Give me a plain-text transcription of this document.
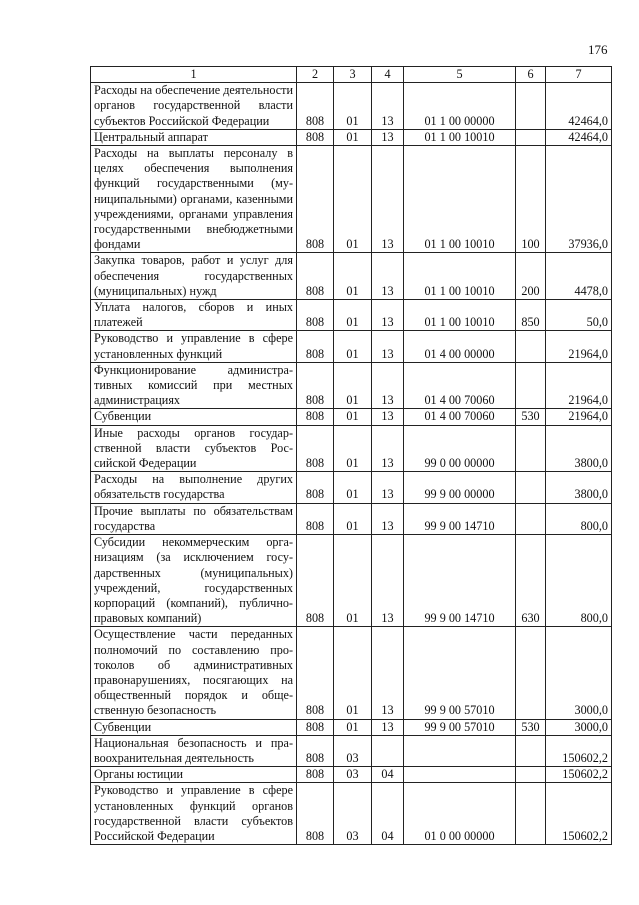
176
1	2	3	4	5	6	7
Расходы на обеспечение деятельности органов государственной власти субъектов Российской Федерации	808	01	13	01 1 00 00000		42464,0
Центральный аппарат	808	01	13	01 1 00 10010		42464,0
Расходы на выплаты персоналу в целях обеспечения выполнения функций государственными (муниципальными) органами, казенными учреждениями, органами управления государственными внебюджетными фондами	808	01	13	01 1 00 10010	100	37936,0
Закупка товаров, работ и услуг для обеспечения государственных (муниципальных) нужд	808	01	13	01 1 00 10010	200	4478,0
Уплата налогов, сборов и иных платежей	808	01	13	01 1 00 10010	850	50,0
Руководство и управление в сфере установленных функций	808	01	13	01 4 00 00000		21964,0
Функционирование административных комиссий при местных администрациях	808	01	13	01 4 00 70060		21964,0
Субвенции	808	01	13	01 4 00 70060	530	21964,0
Иные расходы органов государственной власти субъектов Российской Федерации	808	01	13	99 0 00 00000		3800,0
Расходы на выполнение других обязательств государства	808	01	13	99 9 00 00000		3800,0
Прочие выплаты по обязательствам государства	808	01	13	99 9 00 14710		800,0
Субсидии некоммерческим организациям (за исключением государственных (муниципальных) учреждений, государственных корпораций (компаний), публично-правовых компаний)	808	01	13	99 9 00 14710	630	800,0
Осуществление части переданных полномочий по составлению протоколов об административных правонарушениях, посягающих на общественный порядок и общественную безопасность	808	01	13	99 9 00 57010		3000,0
Субвенции	808	01	13	99 9 00 57010	530	3000,0
Национальная безопасность и правоохранительная деятельность	808	03				150602,2
Органы юстиции	808	03	04			150602,2
Руководство и управление в сфере установленных функций органов государственной власти субъектов Российской Федерации	808	03	04	01 0 00 00000		150602,2
